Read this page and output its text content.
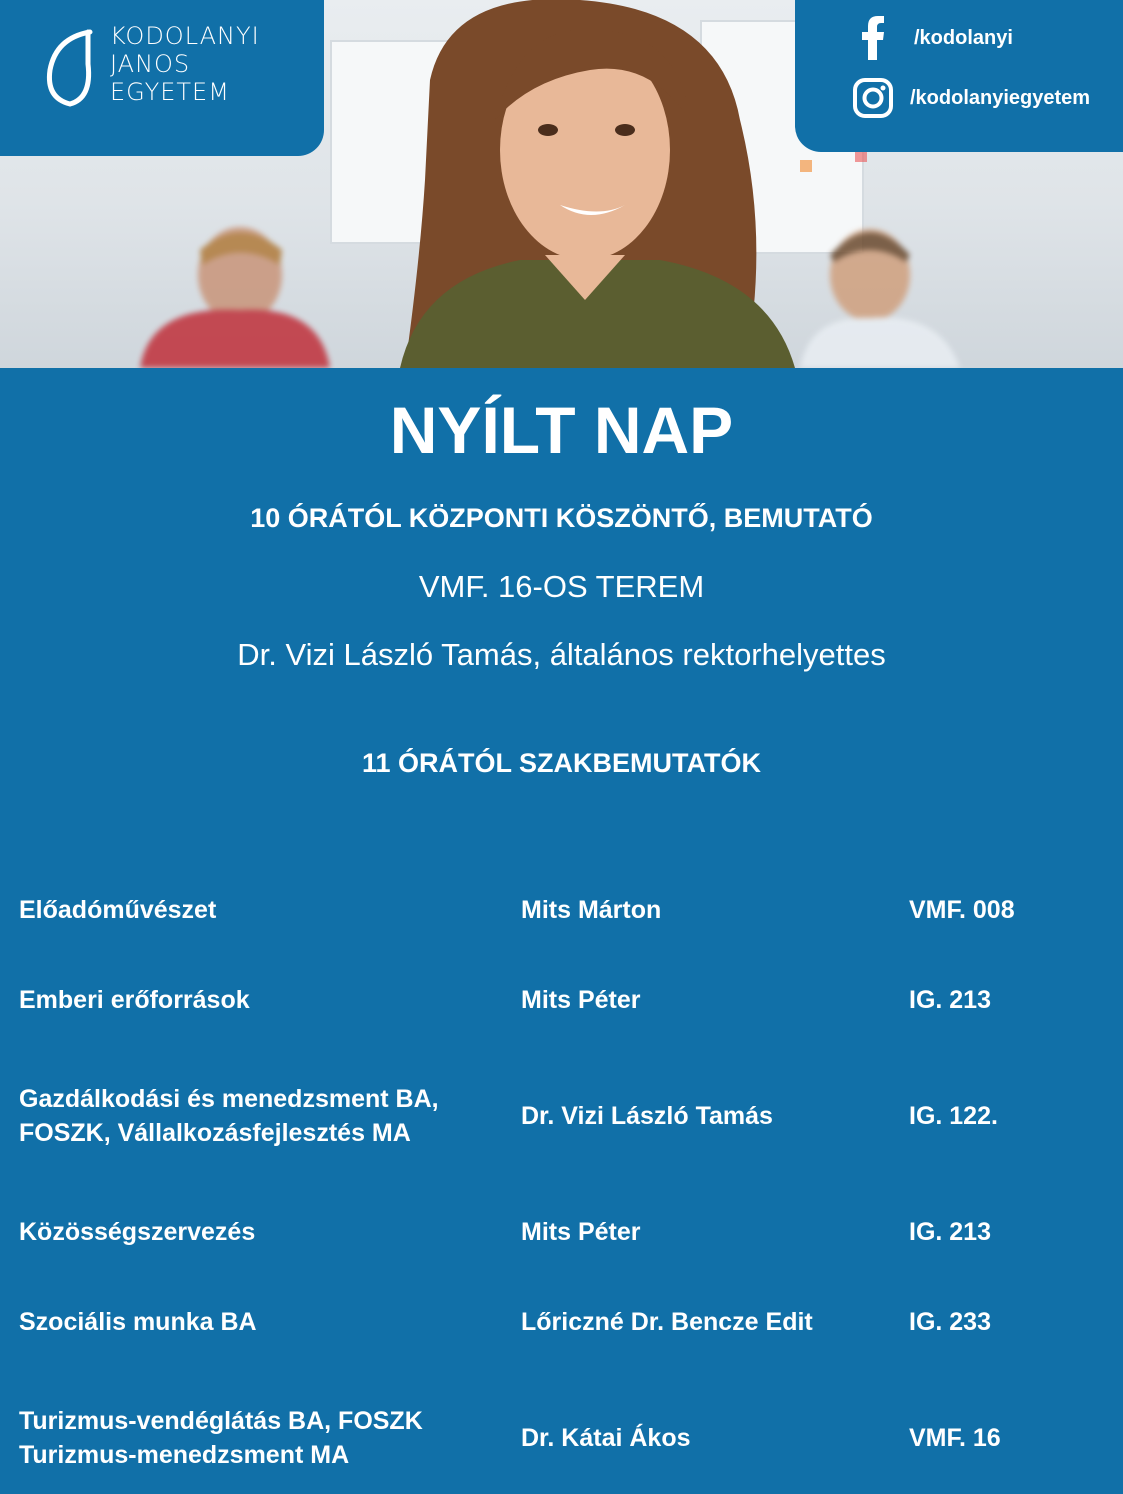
KODOLANYI
JANOS
EGYETEM
/kodolanyi
/kodolanyiegyetem
NYÍLT NAP
10 ÓRÁTÓL KÖZPONTI KÖSZÖNTŐ, BEMUTATÓ
VMF. 16-OS TEREM
Dr. Vizi László Tamás, általános rektorhelyettes
11 ÓRÁTÓL SZAKBEMUTATÓK
Előadóművészet	Mits Márton	VMF. 008
Emberi erőforrások	Mits Péter	IG. 213
Gazdálkodási és menedzsment BA,
FOSZK, Vállalkozásfejlesztés MA
Dr. Vizi László Tamás	IG. 122.
Közösségszervezés	Mits Péter	IG. 213
Szociális munka BA	Lőriczné Dr. Bencze Edit	IG. 233
Turizmus-vendéglátás BA, FOSZK
Turizmus-menedzsment MA
Dr. Kátai Ákos	VMF. 16
